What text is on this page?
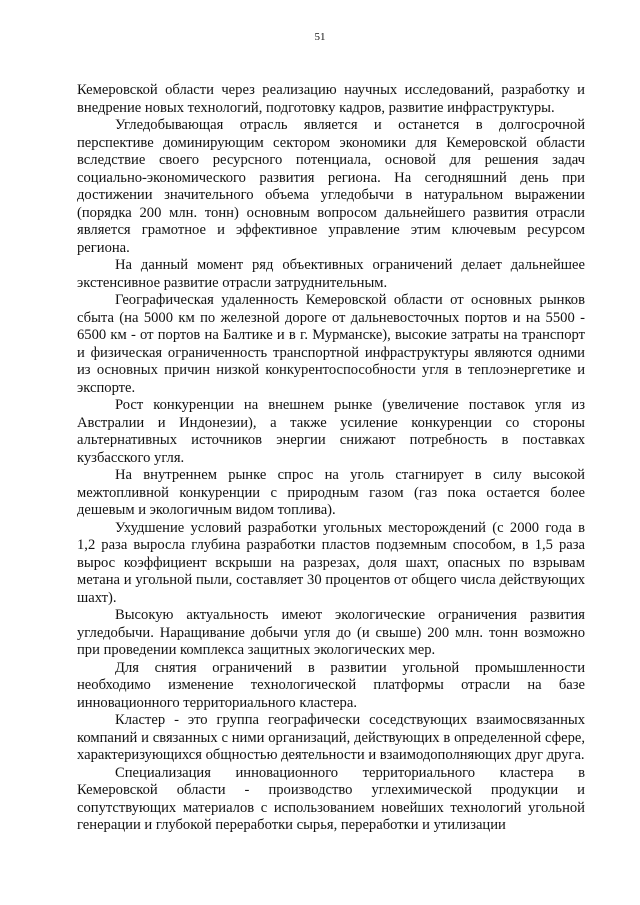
51

Кемеровской области через реализацию научных исследований, разработку и внедрение новых технологий, подготовку кадров, развитие инфраструктуры.

Угледобывающая отрасль является и останется в долгосрочной перспективе доминирующим сектором экономики для Кемеровской области вследствие своего ресурсного потенциала, основой для решения задач социально-экономического развития региона. На сегодняшний день при достижении значительного объема угледобычи в натуральном выражении (порядка 200 млн. тонн) основным вопросом дальнейшего развития отрасли является грамотное и эффективное управление этим ключевым ресурсом региона.

На данный момент ряд объективных ограничений делает дальнейшее экстенсивное развитие отрасли затруднительным.

Географическая удаленность Кемеровской области от основных рынков сбыта (на 5000 км по железной дороге от дальневосточных портов и на 5500 - 6500 км - от портов на Балтике и в г. Мурманске), высокие затраты на транспорт и физическая ограниченность транспортной инфраструктуры являются одними из основных причин низкой конкурентоспособности угля в теплоэнергетике и экспорте.

Рост конкуренции на внешнем рынке (увеличение поставок угля из Австралии и Индонезии), а также усиление конкуренции со стороны альтернативных источников энергии снижают потребность в поставках кузбасского угля.

На внутреннем рынке спрос на уголь стагнирует в силу высокой межтопливной конкуренции с природным газом (газ пока остается более дешевым и экологичным видом топлива).

Ухудшение условий разработки угольных месторождений (с 2000 года в 1,2 раза выросла глубина разработки пластов подземным способом, в 1,5 раза вырос коэффициент вскрыши на разрезах, доля шахт, опасных по взрывам метана и угольной пыли, составляет 30 процентов от общего числа действующих шахт).

Высокую актуальность имеют экологические ограничения развития угледобычи. Наращивание добычи угля до (и свыше) 200 млн. тонн возможно при проведении комплекса защитных экологических мер.

Для снятия ограничений в развитии угольной промышленности необходимо изменение технологической платформы отрасли на базе инновационного территориального кластера.

Кластер - это группа географически соседствующих взаимосвязанных компаний и связанных с ними организаций, действующих в определенной сфере, характеризующихся общностью деятельности и взаимодополняющих друг друга.

Специализация инновационного территориального кластера в Кемеровской области - производство углехимической продукции и сопутствующих материалов с использованием новейших технологий угольной генерации и глубокой переработки сырья, переработки и утилизации
